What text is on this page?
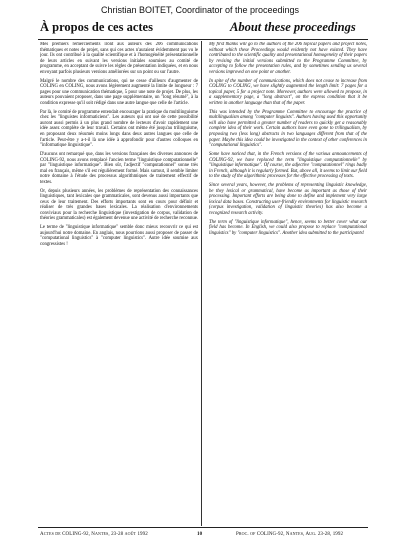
Christian BOITET, Coordinator of the proceedings
À propos de ces actes	About these proceedings

Mes premiers remerciements iront aux auteurs des 206 communications thématiques et notes de projet, sans qui ces actes n'auraient évidemment pas vu le jour. Ils ont contribué à la qualité scientifique et à l'homogénéité présentationnelle de leurs articles en suivant les versions initiales soumises au comité de programme, en acceptant de suivre les règles de présentation indiquées, et en nous envoyant parfois plusieurs versions améliorées sur un point ou sur l'autre.

Malgré le nombre des communications, qui ne cesse d'ailleurs d'augmenter de COLING en COLING, nous avons légèrement augmenté la limite de longueur : 7 pages pour une communication thématique, 5 pour une note de projet. De plus, les auteurs pouvaient proposer, dans une page supplémentaire, un "long résumé", à la condition expresse qu'il soit rédigé dans une autre langue que celle de l'article.

Par là, le comité de programme entendait encourager la pratique du multilinguisme chez les "linguistes informaticiens". Les auteurs qui ont usé de cette possibilité auront aussi permis à un plus grand nombre de lecteurs d'avoir rapidement une idée assez complète de leur travail. Certains ont même été jusqu'au trilinguisme, en proposant deux résumés moins longs dans deux autres langues que celle de l'article. Peut-être y a-t-il là une idée à approfondir pour d'autres colloques en "informatique linguistique".

D'aucuns ont remarqué que, dans les versions françaises des diverses annonces de COLING-92, nous avons remplacé l'ancien terme "linguistique computationnelle" par "linguistique informatique". Bien sûr, l'adjectif "computationnel" sonne très mal en français, même s'il est régulièrement formé. Mais surtout, il semble limiter notre domaine à l'étude des processus algorithmiques de traitement effectif de textes.

Or, depuis plusieurs années, les problèmes de représentation des connaissances linguistiques, tant lexicales que grammaticales, sont devenus aussi importants que ceux de leur traitement. Des efforts importants sont en cours pour définir et réaliser de très grandes bases lexicales. La réalisation d'environnements conviviaux pour la recherche linguistique (investigation de corpus, validation de théories grammaticales) est également devenue une activité de recherche reconnue.

Le terme de "linguistique informatique" semble donc mieux recouvrir ce qui est aujourd'hui notre domaine. En anglais, nous pourrions aussi proposer de passer de "computational linguistics" à "computer linguistics". Autre idée soumise aux congressistes !

My first thanks will go to the authors of the 206 topical papers and project notes, without which these Proceedings would evidently not have existed. They have contributed to the scientific quality and presentational homogeneity of their papers by revising the initial versions submitted to the Programme Committee, by accepting to follow the presentation rules, and by sometimes sending us several versions improved on one point or another.

In spite of the number of communications, which does not cease to increase from COLING to COLING, we have slightly augmented the length limit: 7 pages for a topical paper, 5 for a project note. Moreover, authors were allowed to propose, in a supplementary page, a "long abstract", on the express condition that it be written in another language than that of the paper.

This was intended by the Programme Committee to encourage the practice of multilingualism among "computer linguists". Authors having used this opportunity will also have permitted a greater number of readers to quickly get a reasonably complete idea of their work. Certain authors have even gone to trilingualism, by proposing two (less long) abstracts in two languages different from that of the paper. Maybe this idea could be investigated in the context of other conferences in "computational linguistics".

Some have noticed that, in the French versions of the various announcements of COLING-92, we have replaced the term "linguistique computationnelle" by "linguistique informatique". Of course, the adjective "computationnel" rings badly in French, although it is regularly formed. But, above all, it seems to limit our field to the study of the algorithmic processes for the effective processing of texts.

Since several years, however, the problems of representing linguistic knowledge, be they lexical or grammatical, have become as important as those of their processing. Important efforts are being done to define and implement very large lexical data bases. Constructing user-friendly environments for linguistic research (corpus investigation, validation of linguistic theories) has also become a recognized research activity.

The term of "linguistique informatique", hence, seems to better cover what our field has become. In English, we could also propose to replace "computational linguistics" by "computer linguistics". Another idea submitted to the participants!

Actes de COLING-92, Nantes, 23-28 août 1992	10	Proc. of COLING-92, Nantes, Aug. 23-28, 1992
